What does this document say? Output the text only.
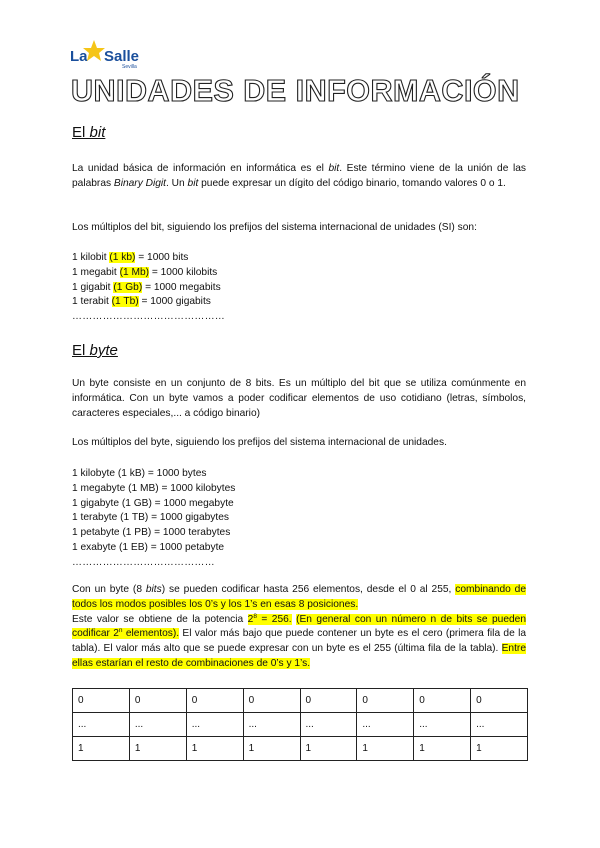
La Salle
Sevilla
UNIDADES DE INFORMACIÓN
El bit

La unidad básica de información en informática es el bit. Este término viene de la unión de las palabras Binary Digit. Un bit puede expresar un dígito del código binario, tomando valores 0 o 1.

Los múltiplos del bit, siguiendo los prefijos del sistema internacional de unidades (SI) son:

1 kilobit (1 kb) = 1000 bits

1 megabit (1 Mb) = 1000 kilobits

1 gigabit (1 Gb) = 1000 megabits

1 terabit (1 Tb) = 1000 gigabits

………………………………………
El byte

Un byte consiste en un conjunto de 8 bits. Es un múltiplo del bit que se utiliza comúnmente en informática. Con un byte vamos a poder codificar elementos de uso cotidiano (letras, símbolos, caracteres especiales,... a código binario)

Los múltiplos del byte, siguiendo los prefijos del sistema internacional de unidades.

1 kilobyte (1 kB) = 1000 bytes

1 megabyte (1 MB) = 1000 kilobytes

1 gigabyte (1 GB) = 1000 megabyte

1 terabyte (1 TB) = 1000 gigabytes

1 petabyte (1 PB) = 1000 terabytes

1 exabyte (1 EB) = 1000 petabyte

……………………………………

Con un byte (8 bits) se pueden codificar hasta 256 elementos, desde el 0 al 255, combinando de todos los modos posibles los 0’s y los 1’s en esas 8 posiciones.
Este valor se obtiene de la potencia $2^8 = 256$. (En general con un número n de bits se pueden codificar 2$^n$ elementos). El valor más bajo que puede contener un byte es el cero (primera fila de la tabla). El valor más alto que se puede expresar con un byte es el 255 (última fila de la tabla). Entre ellas estarían el resto de combinaciones de 0’s y 1’s.

0	0	0	0	0	0	0	0
...	...	...	...	...	...	...	...
1	1	1	1	1	1	1	1
